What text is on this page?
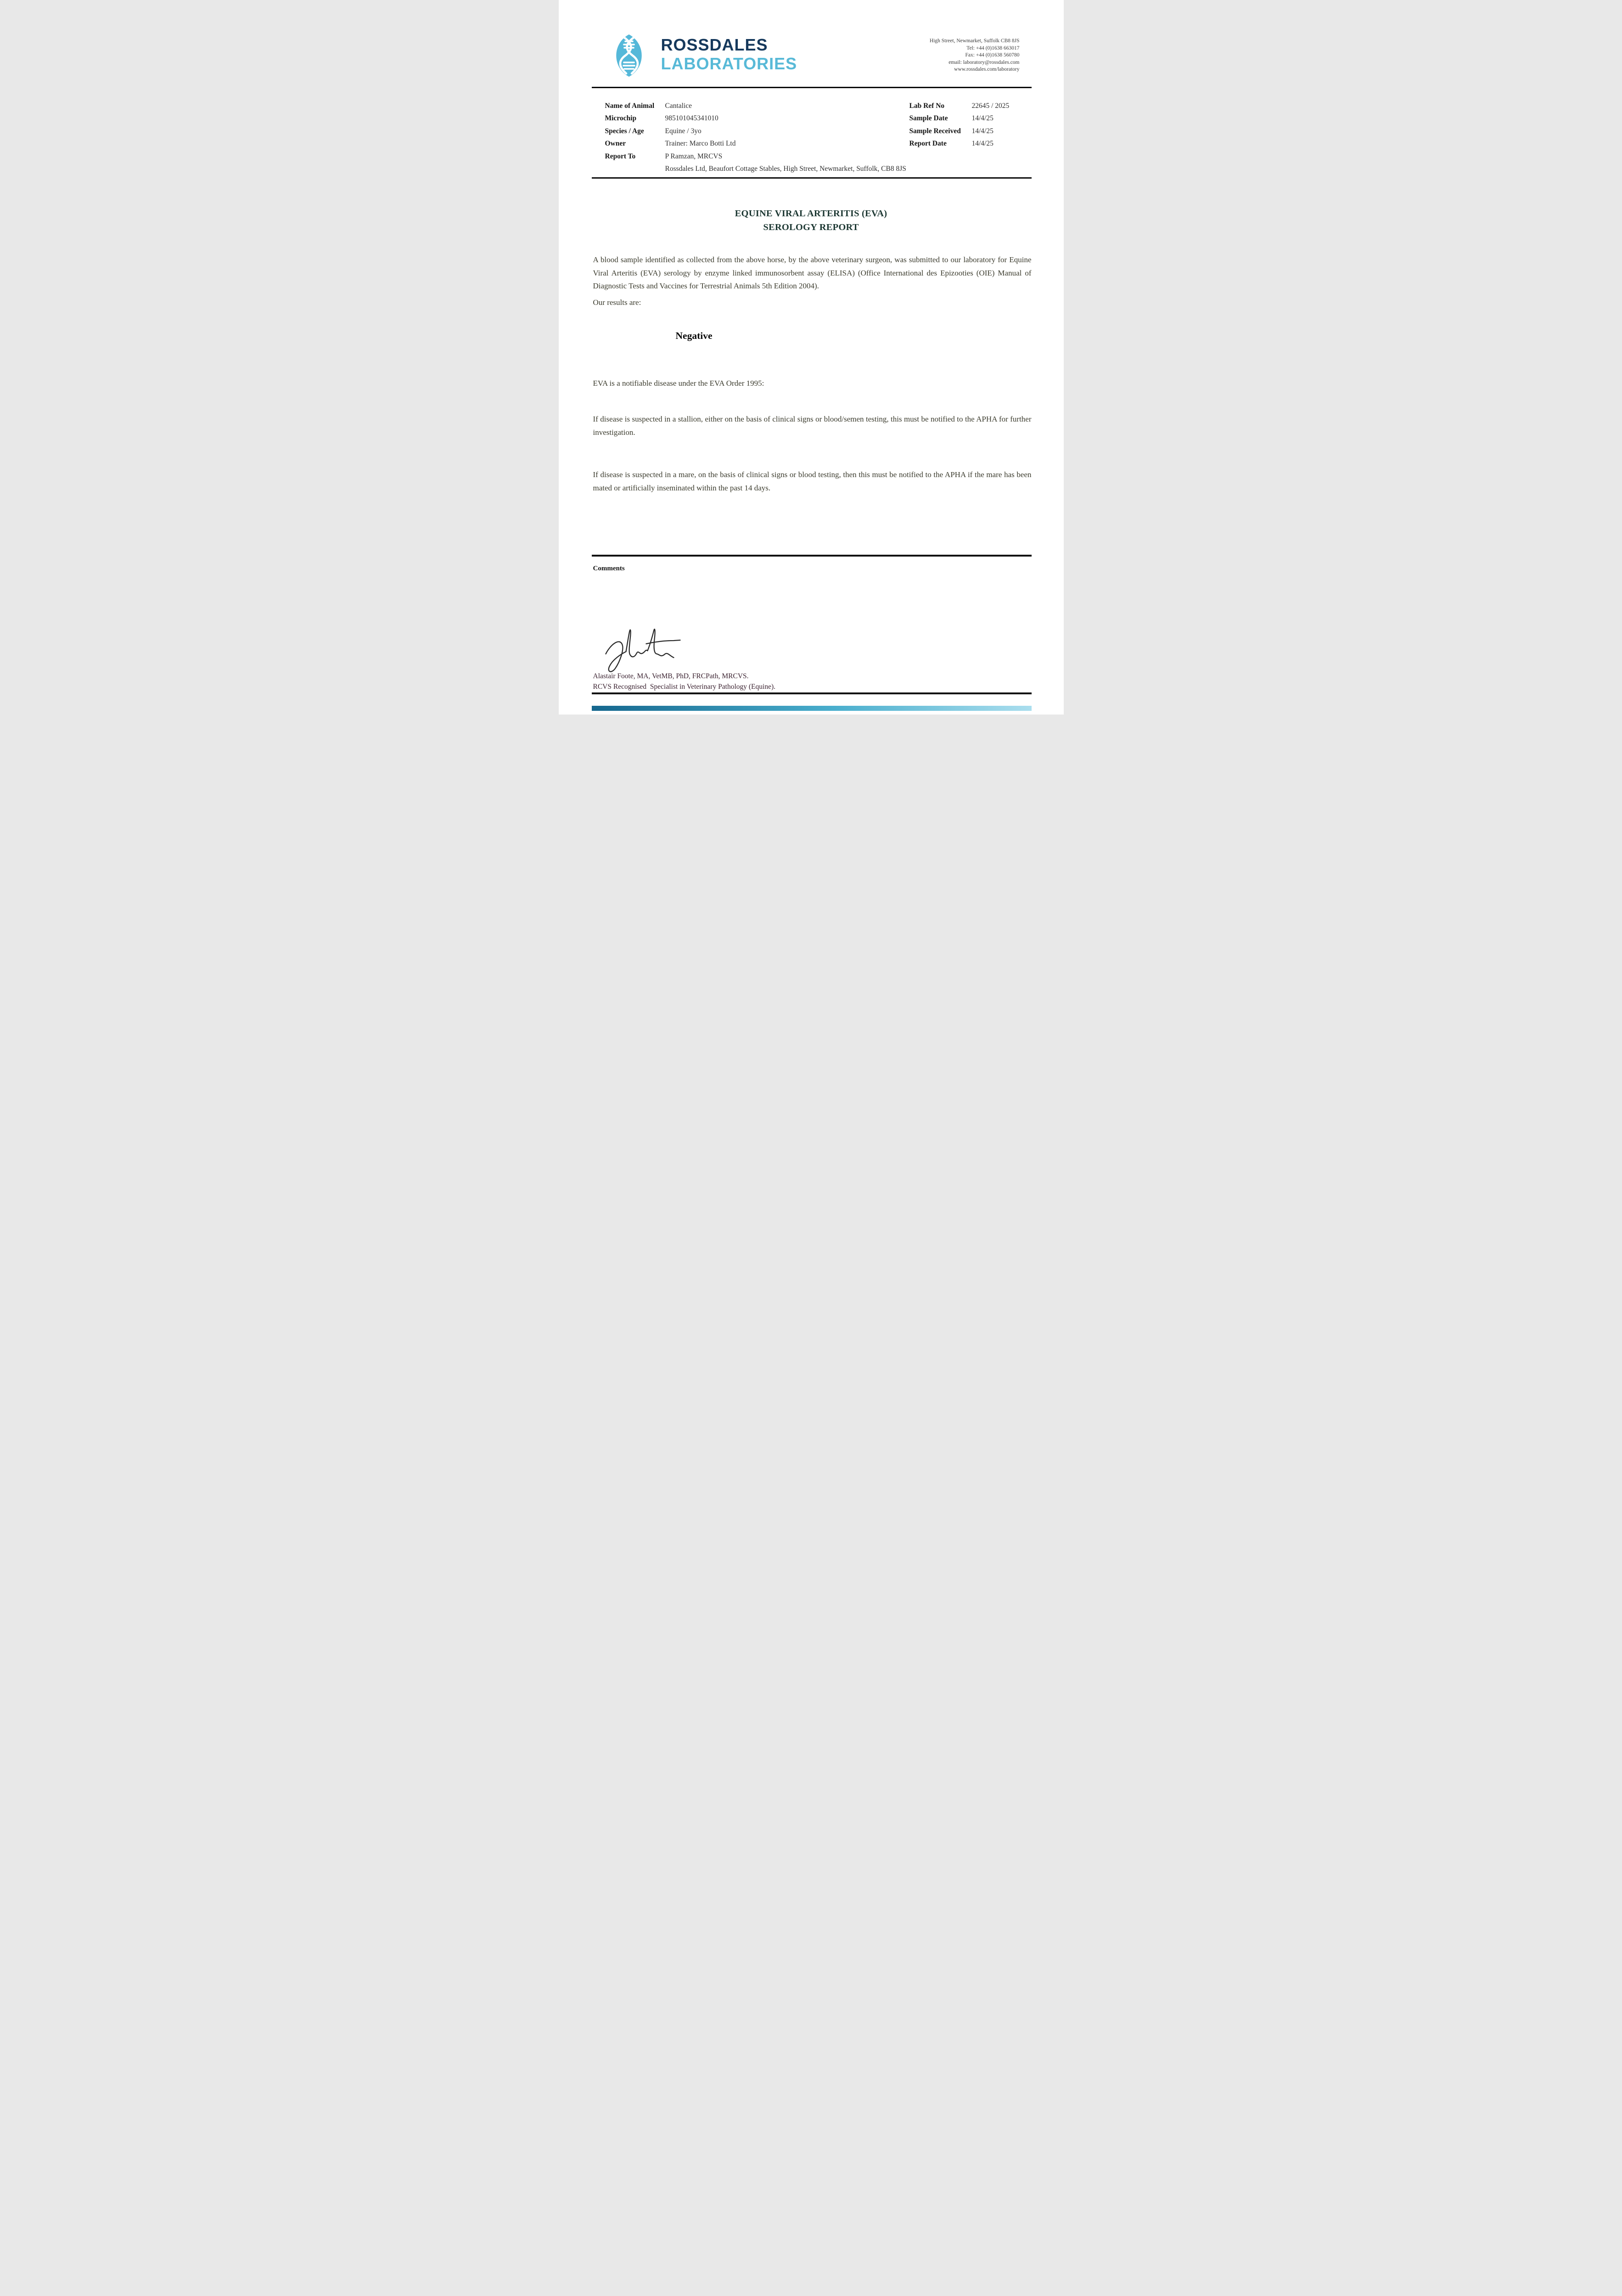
ROSSDALES
LABORATORIES
High Street, Newmarket, Suffolk CB8 8JS
Tel: +44 (0)1638 663017
Fax: +44 (0)1638 560780
email: laboratory@rossdales.com
www.rossdales.com/laboratory
Name of Animal Cantalice
Microchip	985101045341010
Species / Age	Equine / 3yo
Owner	Trainer: Marco Botti Ltd
Report To	P Ramzan, MRCVS
Rossdales Ltd, Beaufort Cottage Stables, High Street, Newmarket, Suffolk, CB8 8JS
Lab Ref No	22645 / 2025
Sample Date	14/4/25
Sample Received 14/4/25
Report Date	14/4/25
EQUINE VIRAL ARTERITIS (EVA)
SEROLOGY REPORT
A blood sample identified as collected from the above horse, by the above veterinary surgeon, was submitted to our laboratory for Equine Viral Arteritis (EVA) serology by enzyme linked immunosorbent assay (ELISA) (Office International des Epizooties (OIE) Manual of Diagnostic Tests and Vaccines for Terrestrial Animals 5th Edition 2004).
Our results are:
Negative
EVA is a notifiable disease under the EVA Order 1995:
If disease is suspected in a stallion, either on the basis of clinical signs or blood/semen testing, this must be notified to the APHA for further investigation.
If disease is suspected in a mare, on the basis of clinical signs or blood testing, then this must be notified to the APHA if the mare has been mated or artificially inseminated within the past 14 days.
Comments
Alastair Foote, MA, VetMB, PhD, FRCPath, MRCVS.
RCVS Recognised  Specialist in Veterinary Pathology (Equine).
